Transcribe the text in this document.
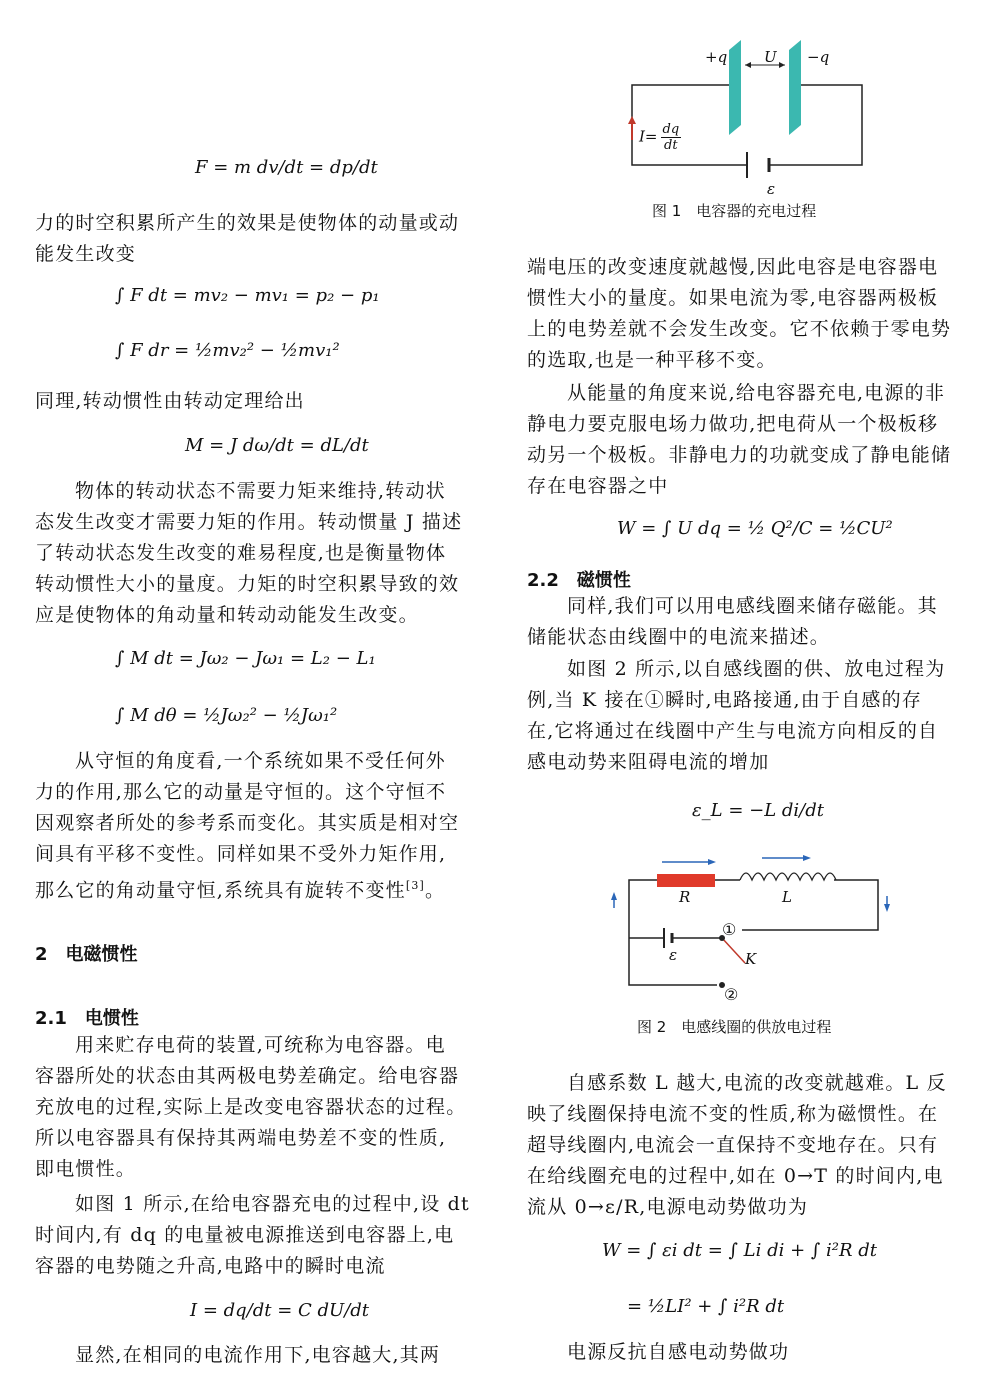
F = m dv/dt = dp/dt
力的时空积累所产生的效果是使物体的动量或动
能发生改变
∫ F dt = mv₂ − mv₁ = p₂ − p₁
∫ F dr = ½mv₂² − ½mv₁²
同理,转动惯性由转动定理给出
M = J dω/dt = dL/dt
物体的转动状态不需要力矩来维持,转动状
态发生改变才需要力矩的作用。转动惯量 J 描述
了转动状态发生改变的难易程度,也是衡量物体
转动惯性大小的量度。力矩的时空积累导致的效
应是使物体的角动量和转动动能发生改变。
∫ M dt = Jω₂ − Jω₁ = L₂ − L₁
∫ M dθ = ½Jω₂² − ½Jω₁²
从守恒的角度看,一个系统如果不受任何外
力的作用,那么它的动量是守恒的。这个守恒不
因观察者所处的参考系而变化。其实质是相对空
间具有平移不变性。同样如果不受外力矩作用,
那么它的角动量守恒,系统具有旋转不变性[3]。
2　电磁惯性
2.1　电惯性
用来贮存电荷的装置,可统称为电容器。电
容器所处的状态由其两极电势差确定。给电容器
充放电的过程,实际上是改变电容器状态的过程。
所以电容器具有保持其两端电势差不变的性质,
即电惯性。
如图 1 所示,在给电容器充电的过程中,设 dt
时间内,有 dq 的电量被电源推送到电容器上,电
容器的电势随之升高,电路中的瞬时电流
I = dq/dt = C dU/dt
显然,在相同的电流作用下,电容越大,其两
+q U −q
$I= \frac{dq}{dt}$
ε
图 1　电容器的充电过程
端电压的改变速度就越慢,因此电容是电容器电
惯性大小的量度。如果电流为零,电容器两极板
上的电势差就不会发生改变。它不依赖于零电势
的选取,也是一种平移不变。
从能量的角度来说,给电容器充电,电源的非
静电力要克服电场力做功,把电荷从一个极板移
动另一个极板。非静电力的功就变成了静电能储
存在电容器之中
W = ∫ U dq = ½ Q²/C = ½CU²
2.2　磁惯性
同样,我们可以用电感线圈来储存磁能。其
储能状态由线圈中的电流来描述。
如图 2 所示,以自感线圈的供、放电过程为
例,当 K 接在①瞬时,电路接通,由于自感的存
在,它将通过在线圈中产生与电流方向相反的自
感电动势来阻碍电流的增加
ε_L = −L di/dt
R	L
①
②
ε	K
图 2　电感线圈的供放电过程
自感系数 L 越大,电流的改变就越难。L 反
映了线圈保持电流不变的性质,称为磁惯性。在
超导线圈内,电流会一直保持不变地存在。只有
在给线圈充电的过程中,如在 0→T 的时间内,电
流从 0→ε/R,电源电动势做功为
W = ∫ εi dt = ∫ Li di + ∫ i²R dt
= ½LI² + ∫ i²R dt
电源反抗自感电动势做功
